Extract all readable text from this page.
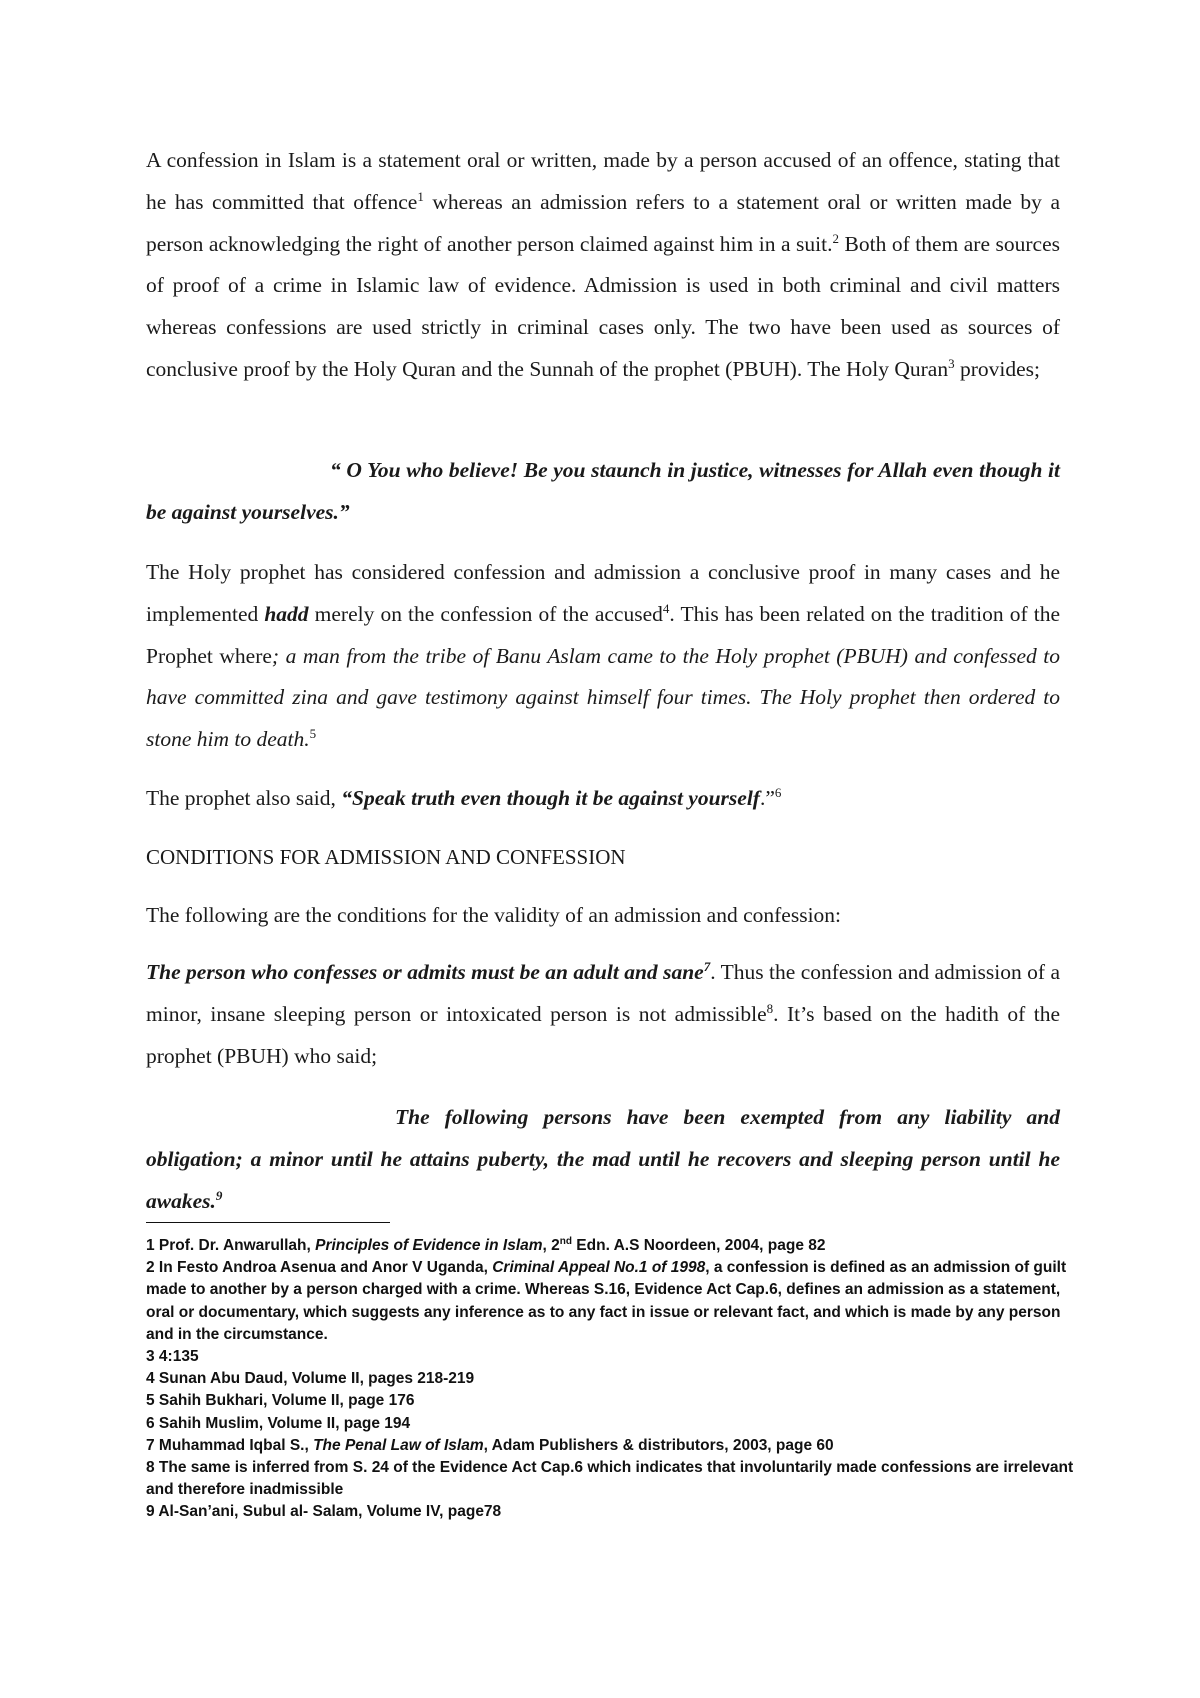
A confession in Islam is a statement oral or written, made by a person accused of an offence, stating that he has committed that offence$^1$ whereas an admission refers to a statement oral or written made by a person acknowledging the right of another person claimed against him in a suit.$^2$ Both of them are sources of proof of a crime in Islamic law of evidence. Admission is used in both criminal and civil matters whereas confessions are used strictly in criminal cases only. The two have been used as sources of conclusive proof by the Holy Quran and the Sunnah of the prophet (PBUH). The Holy Quran$^3$ provides;

“ O You who believe! Be you staunch in justice, witnesses for Allah even though it be against yourselves.”

The Holy prophet has considered confession and admission a conclusive proof in many cases and he implemented hadd merely on the confession of the accused$^4$. This has been related on the tradition of the Prophet where; a man from the tribe of Banu Aslam came to the Holy prophet (PBUH) and confessed to have committed zina and gave testimony against himself four times. The Holy prophet then ordered to stone him to death.$^5$

The prophet also said, “Speak truth even though it be against yourself.”$^6$

CONDITIONS FOR ADMISSION AND CONFESSION

The following are the conditions for the validity of an admission and confession:

The person who confesses or admits must be an adult and sane$^7$. Thus the confession and admission of a minor, insane sleeping person or intoxicated person is not admissible$^8$. It’s based on the hadith of the prophet (PBUH) who said;

The following persons have been exempted from any liability and obligation; a minor until he attains puberty, the mad until he recovers and sleeping person until he awakes.$^9$

1 Prof. Dr. Anwarullah, Principles of Evidence in Islam, 2nd Edn. A.S Noordeen, 2004, page 82
2 In Festo Androa Asenua and Anor V Uganda, Criminal Appeal No.1 of 1998, a confession is defined as an admission of guilt made to another by a person charged with a crime. Whereas S.16, Evidence Act Cap.6, defines an admission as a statement, oral or documentary, which suggests any inference as to any fact in issue or relevant fact, and which is made by any person and in the circumstance.
3 4:135
4 Sunan Abu Daud, Volume II, pages 218-219
5 Sahih Bukhari, Volume II, page 176
6 Sahih Muslim, Volume II, page 194
7 Muhammad Iqbal S., The Penal Law of Islam, Adam Publishers & distributors, 2003, page 60
8 The same is inferred from S. 24 of the Evidence Act Cap.6 which indicates that involuntarily made confessions are irrelevant and therefore inadmissible
9 Al-San’ani, Subul al- Salam, Volume IV, page78
